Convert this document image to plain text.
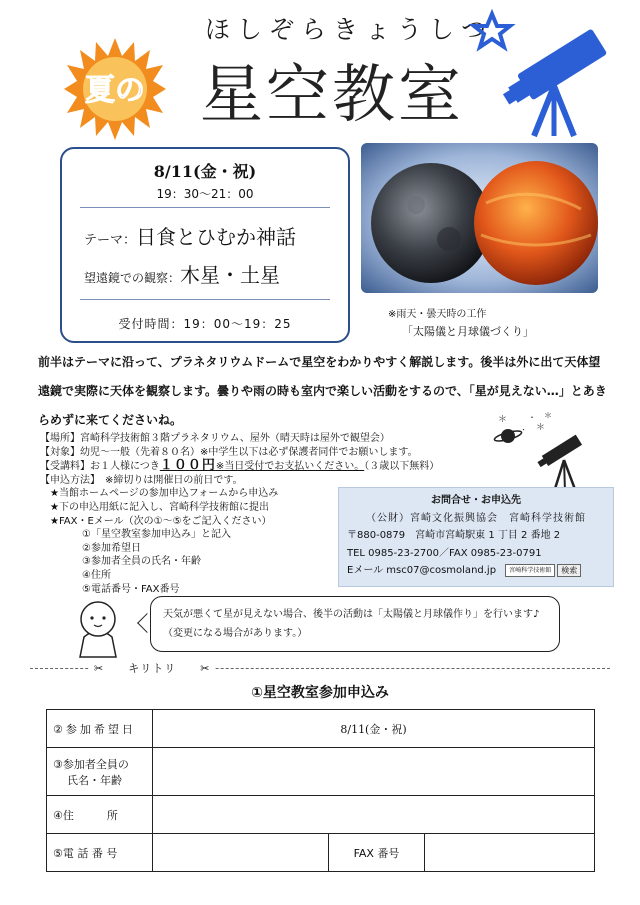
夏の
ほしぞらきょうしつ
星空教室
8/11(金・祝)
19：30〜21：00
テーマ：日食とひむか神話
望遠鏡での観察：木星・土星
受付時間：19：00〜19：25
※雨天・曇天時の工作
「太陽儀と月球儀づくり」

前半はテーマに沿って、プラネタリウムドームで星空をわかりやすく解説します。後半は外に出て天体望遠鏡で実際に天体を観察します。曇りや雨の時も室内で楽しい活動をするので、「星が見えない…」とあきらめずに来てくださいね。

【場所】宮崎科学技術館３階プラネタリウム、屋外（晴天時は屋外で観望会）
【対象】幼児～一般（先着８０名）※中学生以下は必ず保護者同伴でお願いします。
【受講料】お１人様につき１００円※当日受付でお支払いください。（３歳以下無料）
【申込方法】　※締切りは開催日の前日です。
★当館ホームページの参加申込フォームから申込み
★下の申込用紙に記入し、宮崎科学技術館に提出
★FAX・Eメール（次の①～⑤をご記入ください）
①「星空教室参加申込み」と記入
②参加希望日
③参加者全員の氏名・年齢
④住所
⑤電話番号・FAX番号
＊	・
＊
・
＊
お問合せ・お申込先
（公財）宮崎文化振興協会　宮崎科学技術館
〒880-0879　宮崎市宮崎駅東 1 丁目 2 番地 2
TEL 0985-23-2700／FAX 0985-23-0791
Eメール msc07@cosmoland.jp	宮崎科学技術館	検索
天気が悪くて星が見えない場合、後半の活動は「太陽儀と月球儀作り」を行います♪（変更になる場合があります。）
✂　　キリトリ　　✂
①星空教室参加申込み
②参加希望日	8/11(金・祝)		

③参加者全員の
氏名・年齢			

④住　　　所			
⑤電 話 番 号		FAX 番号	
